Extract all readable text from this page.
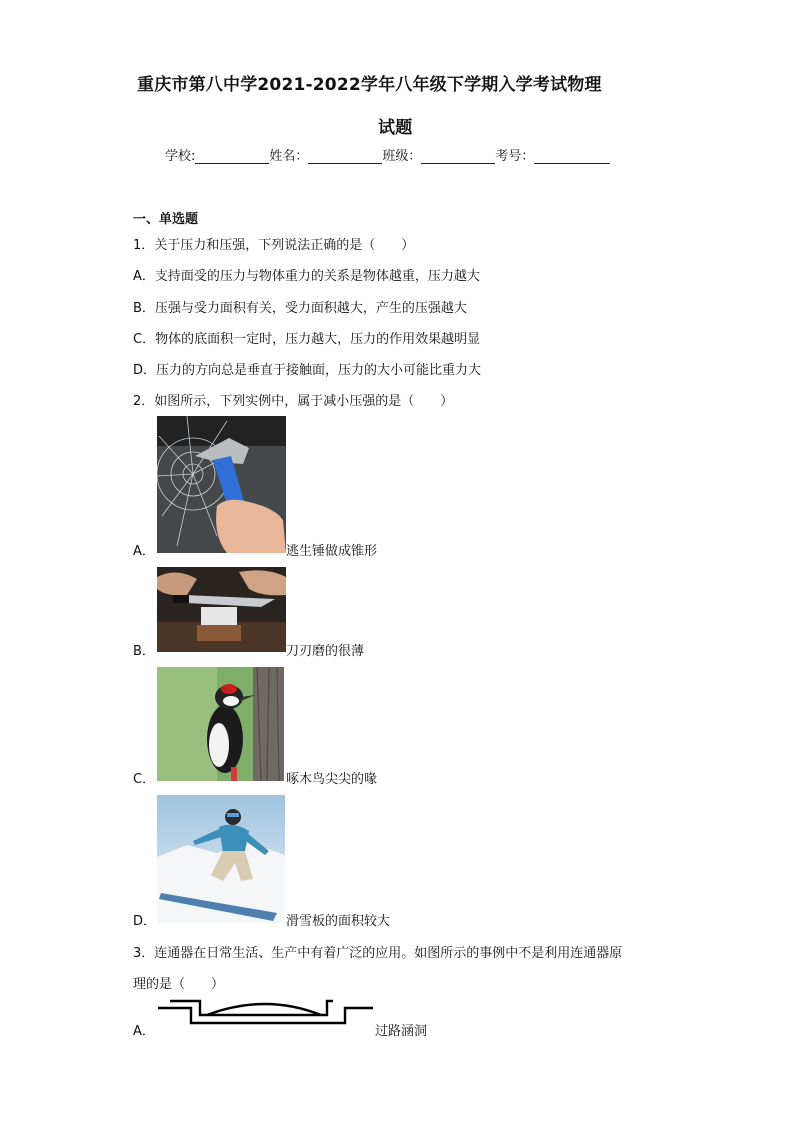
重庆市第八中学2021-2022学年八年级下学期入学考试物理
试题
学校:	姓名：	班级：	考号：
一、单选题
1．关于压力和压强，下列说法正确的是（　　）
A．支持面受的压力与物体重力的关系是物体越重，压力越大
B．压强与受力面积有关，受力面积越大，产生的压强越大
C．物体的底面积一定时，压力越大，压力的作用效果越明显
D．压力的方向总是垂直于接触面，压力的大小可能比重力大
2．如图所示，下列实例中，属于减小压强的是（　　）
A．	逃生锤做成锥形
B．	刀刃磨的很薄
C．	啄木鸟尖尖的喙
D．	滑雪板的面积较大
3．连通器在日常生活、生产中有着广泛的应用。如图所示的事例中不是利用连通器原
理的是（　　）
A．	过路涵洞
